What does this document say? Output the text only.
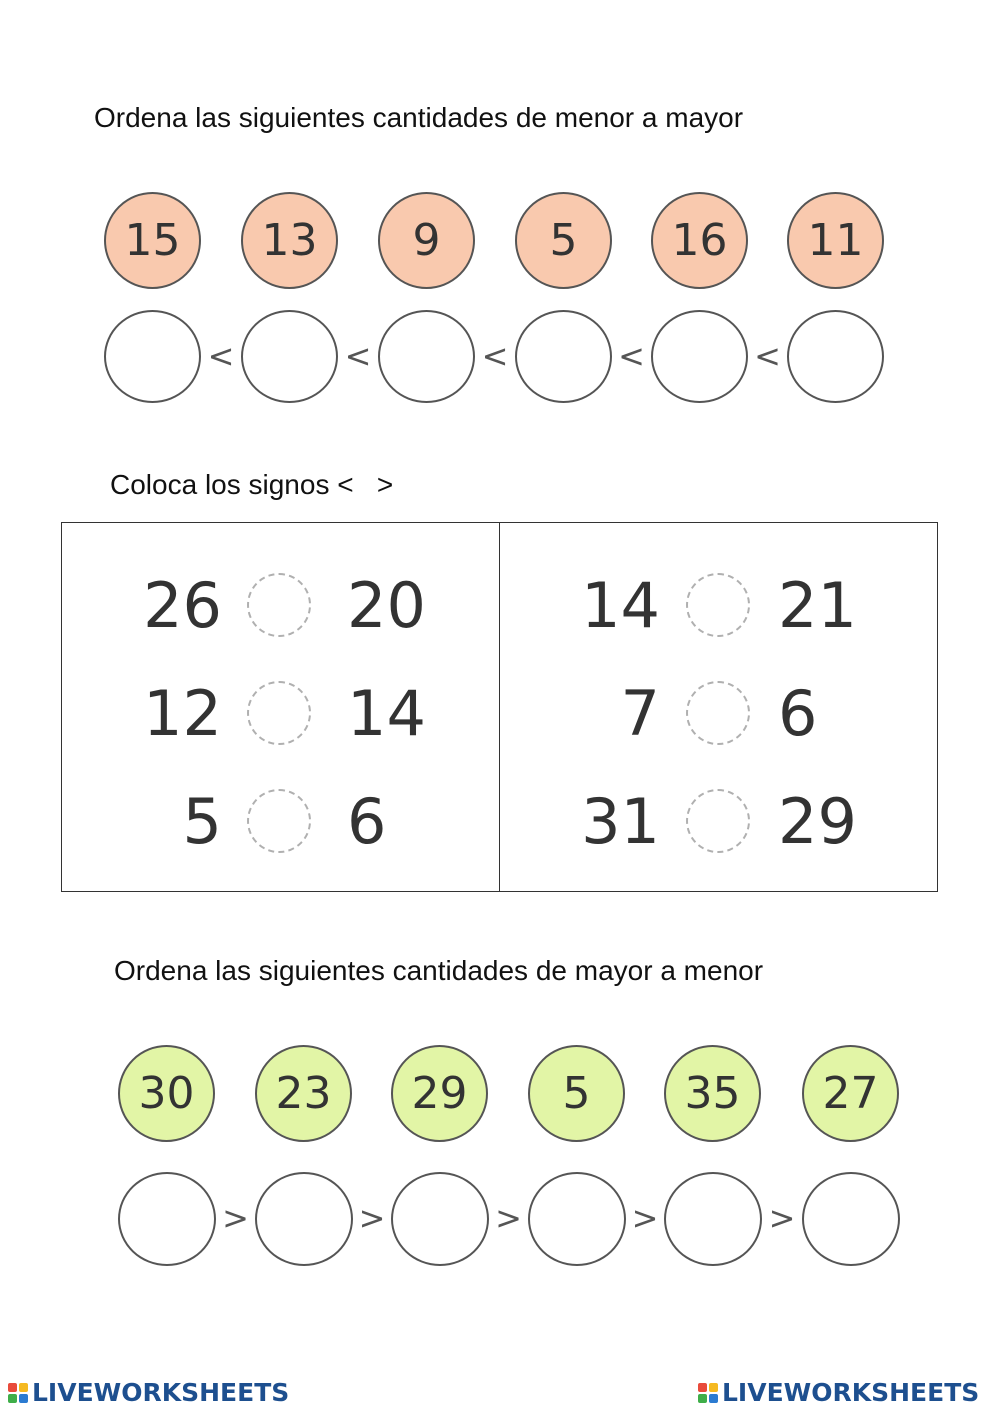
Ordena las siguientes cantidades de menor a mayor
15	13	9	5	16	11
<	<	<	<	<
Coloca los signos <   >
26 20
12 14
5 6
14 21
7 6
31 29
Ordena las siguientes cantidades de mayor a menor
30	23	29	5	35	27
>	>	>	>	>
LIVEWORKSHEETS	LIVEWORKSHEETS
